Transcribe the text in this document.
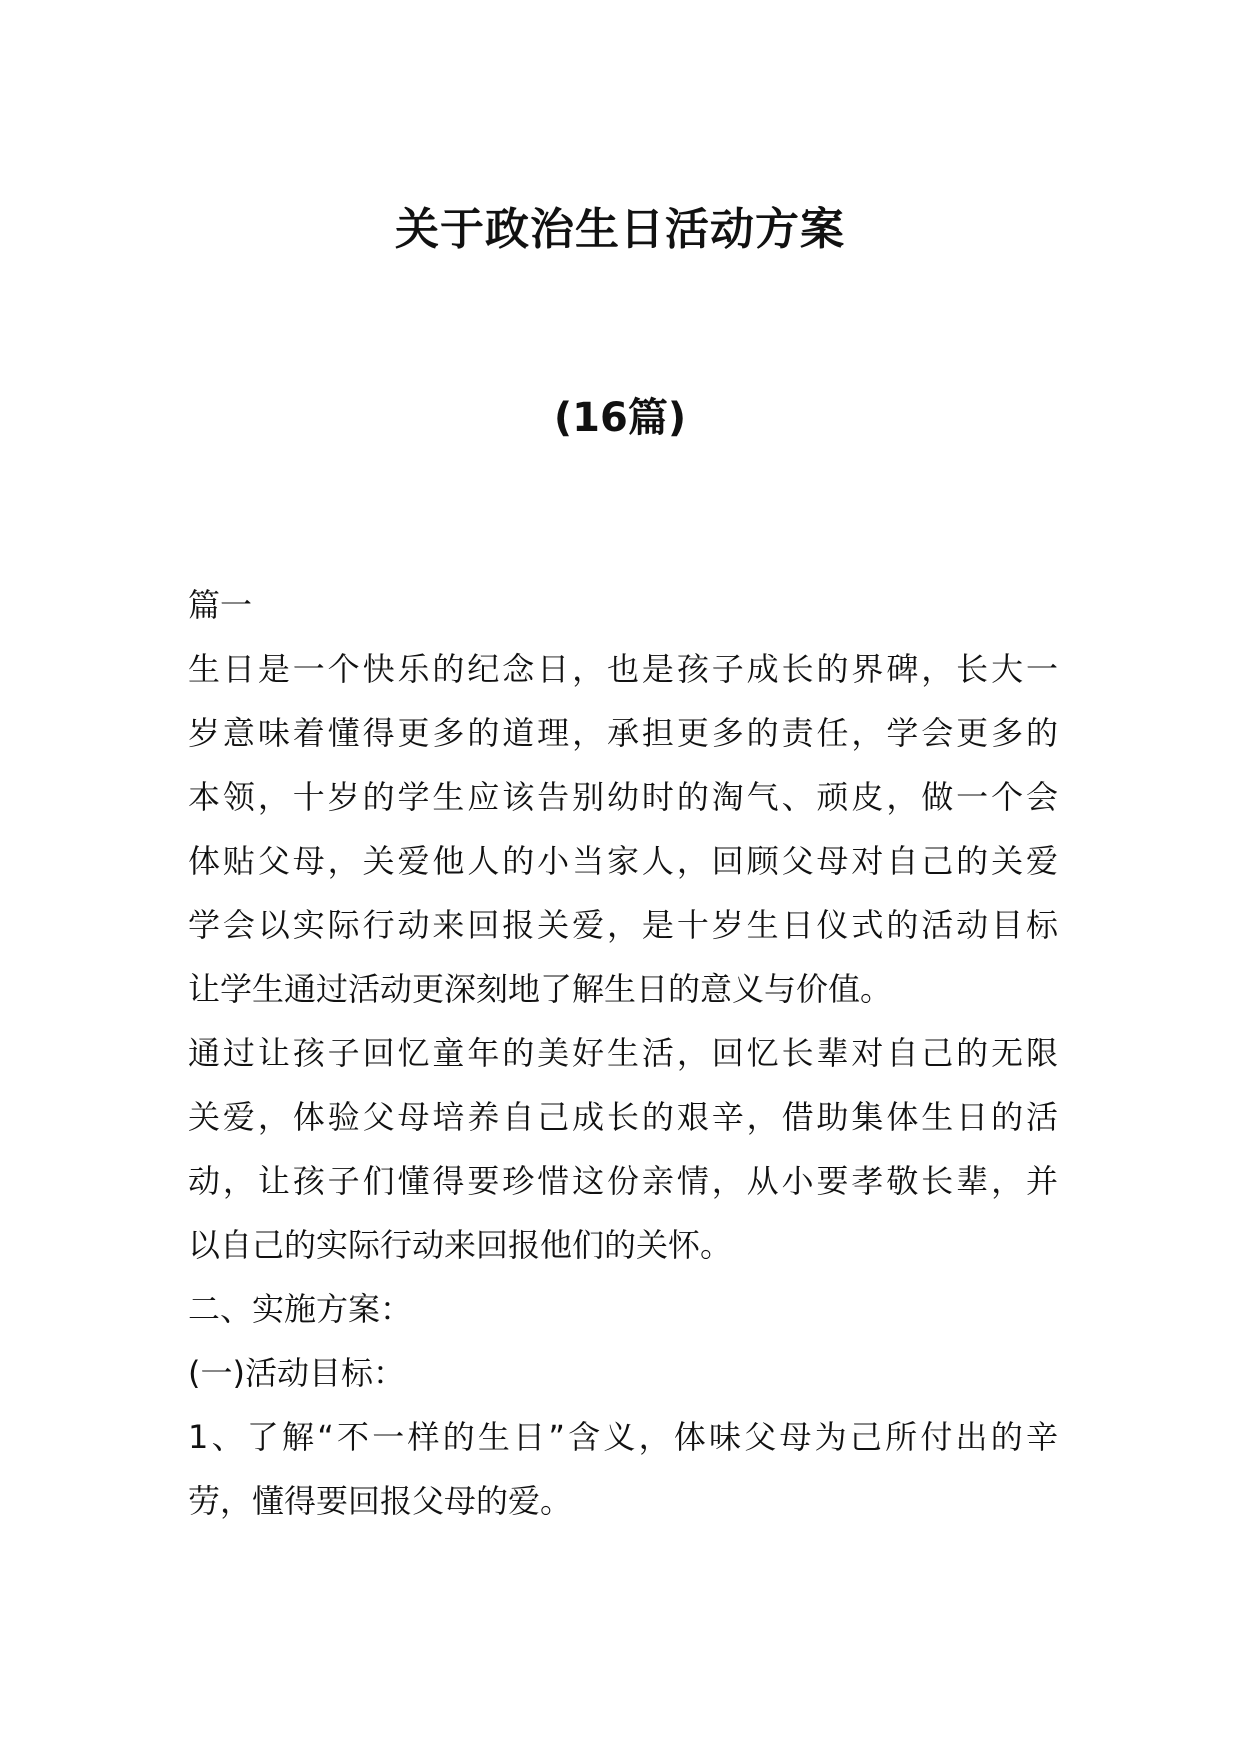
关于政治生日活动方案
(16篇)
篇一
生日是一个快乐的纪念日，也是孩子成长的界碑，长大一
岁意味着懂得更多的道理，承担更多的责任，学会更多的
本领，十岁的学生应该告别幼时的淘气、顽皮，做一个会
体贴父母，关爱他人的小当家人，回顾父母对自己的关爱
学会以实际行动来回报关爱，是十岁生日仪式的活动目标
让学生通过活动更深刻地了解生日的意义与价值。
通过让孩子回忆童年的美好生活，回忆长辈对自己的无限
关爱，体验父母培养自己成长的艰辛，借助集体生日的活
动，让孩子们懂得要珍惜这份亲情，从小要孝敬长辈，并
以自己的实际行动来回报他们的关怀。
二、实施方案：
(一)活动目标：
1、了解“不一样的生日”含义，体味父母为己所付出的辛
劳，懂得要回报父母的爱。
